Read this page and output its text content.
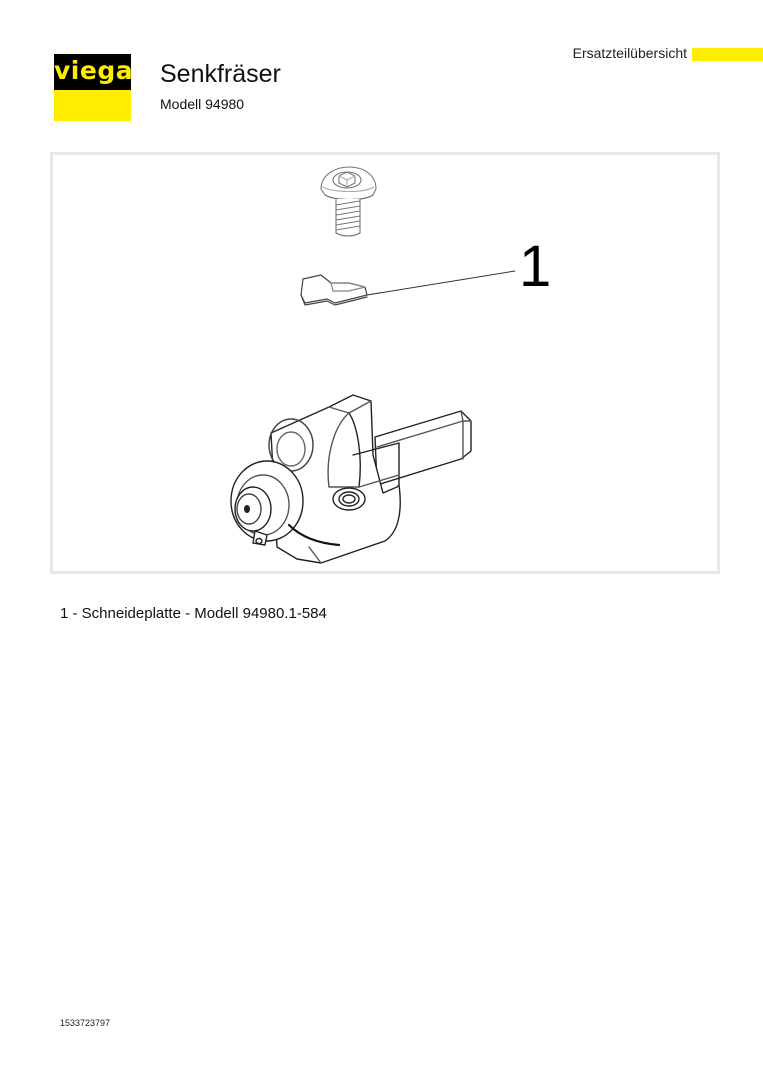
viega
Ersatzteilübersicht
Senkfräser
Modell 94980
1
1 - Schneideplatte - Modell 94980.1-584
1533723797
